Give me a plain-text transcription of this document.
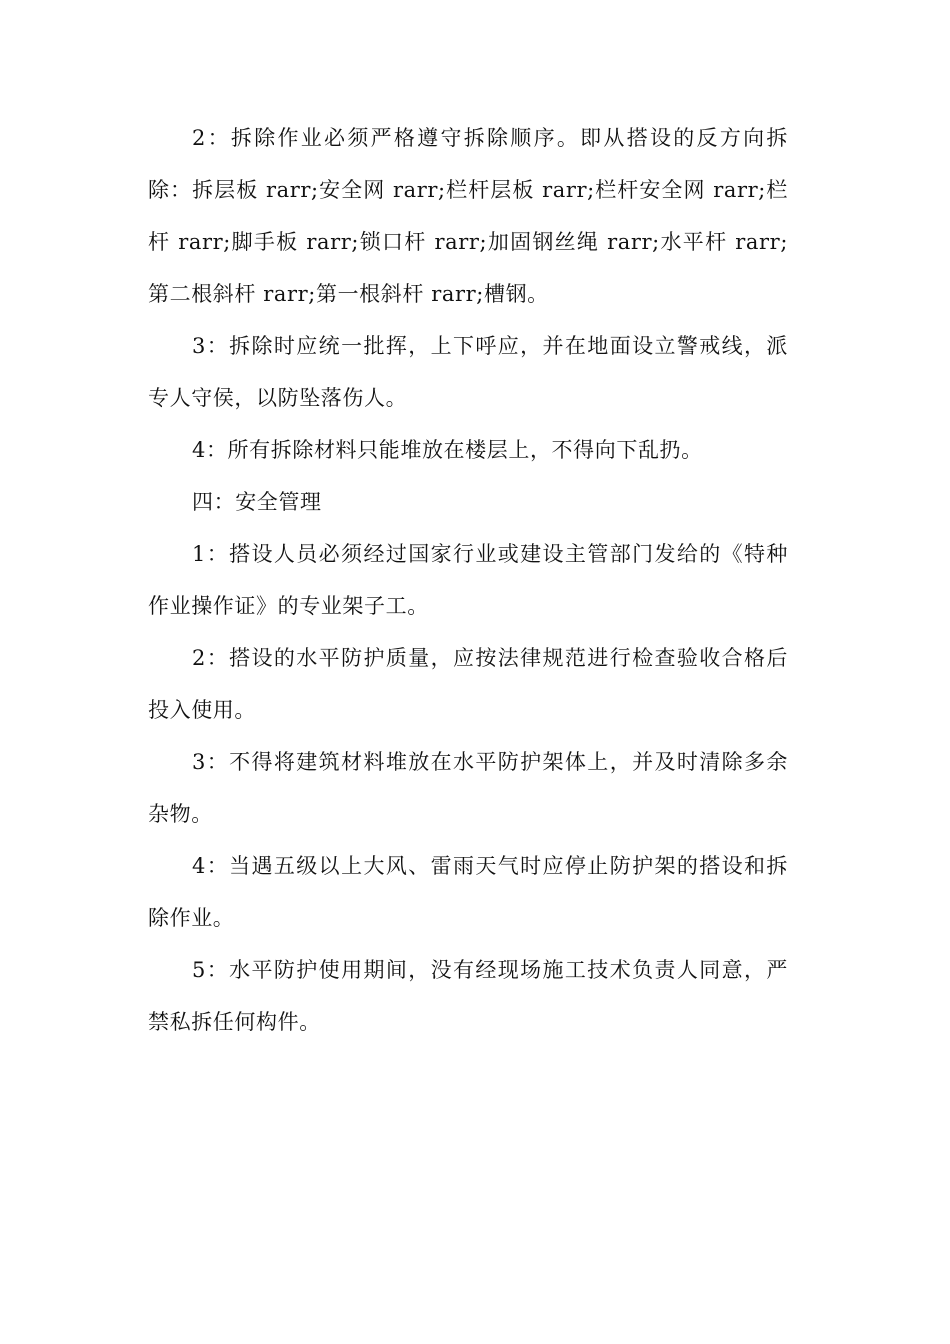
2：拆除作业必须严格遵守拆除顺序。即从搭设的反方向拆除：拆层板 rarr;安全网 rarr;栏杆层板 rarr;栏杆安全网 rarr;栏杆 rarr;脚手板 rarr;锁口杆 rarr;加固钢丝绳 rarr;水平杆 rarr;第二根斜杆 rarr;第一根斜杆 rarr;槽钢。

3：拆除时应统一批挥，上下呼应，并在地面设立警戒线，派专人守侯，以防坠落伤人。

4：所有拆除材料只能堆放在楼层上，不得向下乱扔。

四：安全管理

1：搭设人员必须经过国家行业或建设主管部门发给的《特种作业操作证》的专业架子工。

2：搭设的水平防护质量，应按法律规范进行检查验收合格后投入使用。

3：不得将建筑材料堆放在水平防护架体上，并及时清除多余杂物。

4：当遇五级以上大风、雷雨天气时应停止防护架的搭设和拆除作业。

5：水平防护使用期间，没有经现场施工技术负责人同意，严禁私拆任何构件。
